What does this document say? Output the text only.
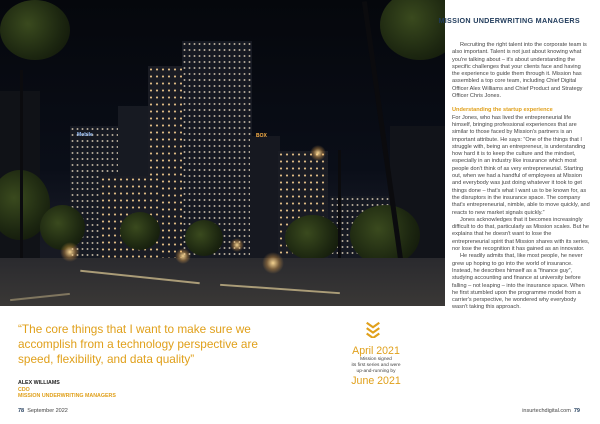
Mobile	BOX
MISSION UNDERWRITING MANAGERS

Recruiting the right talent into the corporate team is also important. Talent is not just about knowing what you're talking about – it's about understanding the specific challenges that your clients face and having the experience to guide them through it. Mission has assembled a top core team, including Chief Digital Officer Alex Williams and Chief Product and Strategy Officer Chris Jones.

Understanding the startup experience

For Jones, who has lived the entrepreneurial life himself, bringing professional experiences that are similar to those faced by Mission's partners is an important attribute. He says: “One of the things that I struggle with, being an entrepreneur, is understanding how hard it is to keep the culture and the mindset, especially in an industry like insurance which most people don't think of as very entrepreneurial. Starting out, when we had a handful of employees at Mission and everybody was just doing whatever it took to get things done – that's what I want us to be known for, as the disruptors in the insurance space. The company that's entrepreneurial, nimble, able to move quickly, and reacts to new market signals quickly.”

Jones acknowledges that it becomes increasingly difficult to do that, particularly as Mission scales. But he explains that he doesn't want to lose the entrepreneurial spirit that Mission shares with its series, nor lose the recognition it has gained as an innovator.

He readily admits that, like most people, he never grew up hoping to go into the world of insurance. Instead, he describes himself as a “finance guy”, studying accounting and finance at university before falling – not leaping – into the insurance space. When he first stumbled upon the programme model from a carrier's perspective, he wondered why everybody wasn't taking this approach.

“The core things that I want to make sure we accomplish from a technology perspective are speed, flexibility, and data quality”
ALEX WILLIAMS
CDO
MISSION UNDERWRITING MANAGERS
April 2021
Mission signed
its first series and were
up-and-running by
June 2021
78 September 2022	insurtechdigital.com 79
